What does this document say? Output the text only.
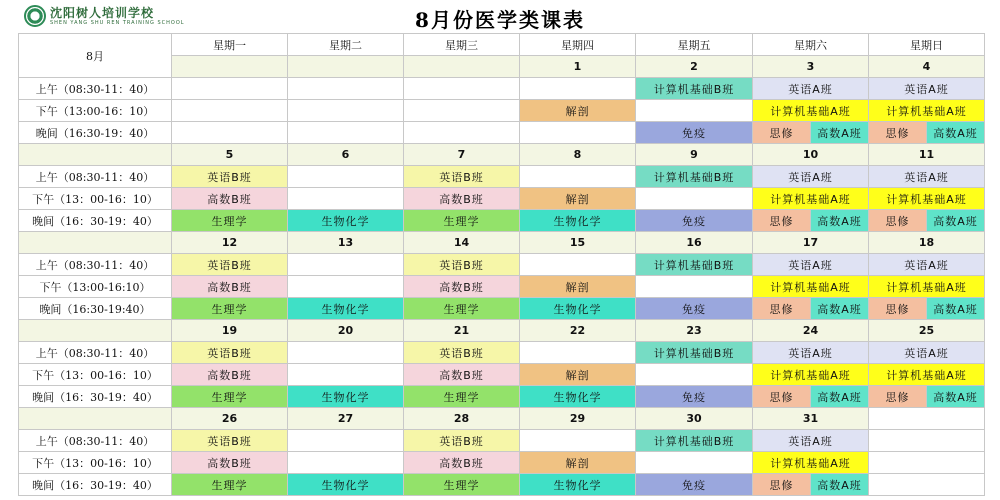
沈阳树人培训学校
SHEN YANG SHU REN TRAINING SCHOOL	8月份医学类课表
8月	星期一	星期二	星期三	星期四	星期五	星期六	星期日
				1	2	3	4
上午（08:30-11：40）					计算机基础B班	英语A班	英语A班
下午（13:00-16：10）				解剖		计算机基础A班	计算机基础A班
晚间（16:30-19：40）					免疫	思修 高数A班	思修 高数A班

	5	6	7	8	9	10	11
上午（08:30-11：40）	英语B班		英语B班		计算机基础B班	英语A班	英语A班
下午（13：00-16：10）	高数B班		高数B班	解剖		计算机基础A班	计算机基础A班
晚间（16：30-19：40）	生理学	生物化学	生理学	生物化学	免疫	思修 高数A班	思修 高数A班

	12	13	14	15	16	17	18
上午（08:30-11：40）	英语B班		英语B班		计算机基础B班	英语A班	英语A班
下午（13:00-16:10）	高数B班		高数B班	解剖		计算机基础A班	计算机基础A班
晚间（16:30-19:40）	生理学	生物化学	生理学	生物化学	免疫	思修 高数A班	思修 高数A班

	19	20	21	22	23	24	25
上午（08:30-11：40）	英语B班		英语B班		计算机基础B班	英语A班	英语A班
下午（13：00-16：10）	高数B班		高数B班	解剖		计算机基础A班	计算机基础A班
晚间（16：30-19：40）	生理学	生物化学	生理学	生物化学	免疫	思修 高数A班	思修 高数A班

	26	27	28	29	30	31	
上午（08:30-11：40）	英语B班		英语B班		计算机基础B班	英语A班	
下午（13：00-16：10）	高数B班		高数B班	解剖		计算机基础A班	
晚间（16：30-19：40）	生理学	生物化学	生理学	生物化学	免疫	思修 高数A班	
